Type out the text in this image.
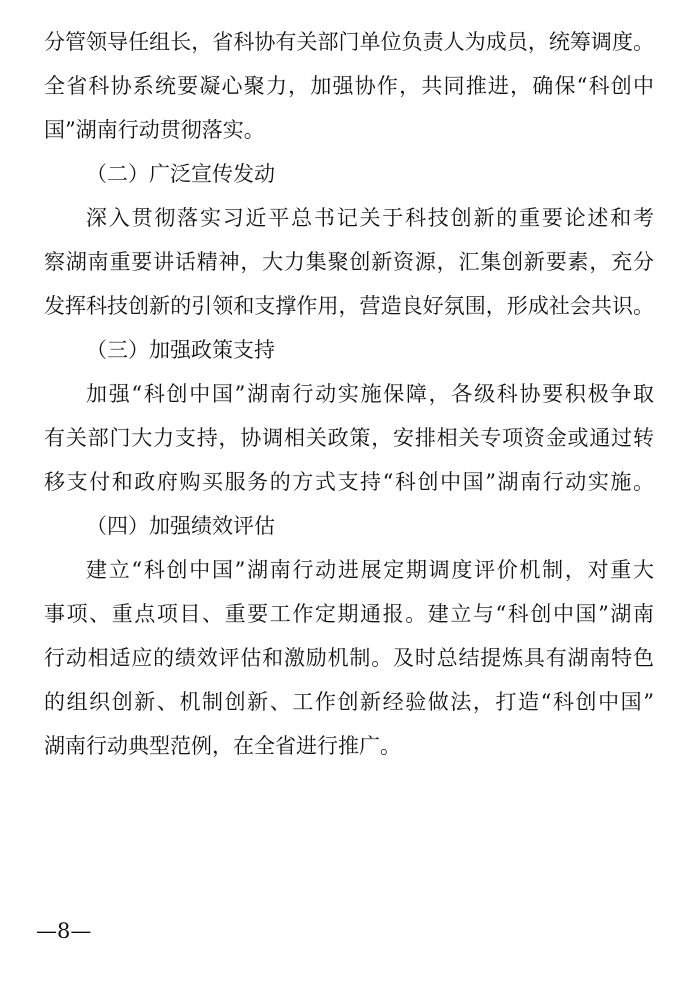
分管领导任组长，省科协有关部门单位负责人为成员，统筹调度。
全省科协系统要凝心聚力，加强协作，共同推进，确保“科创中
国”湖南行动贯彻落实。
（二）广泛宣传发动
深入贯彻落实习近平总书记关于科技创新的重要论述和考
察湖南重要讲话精神，大力集聚创新资源，汇集创新要素，充分
发挥科技创新的引领和支撑作用，营造良好氛围，形成社会共识。
（三）加强政策支持
加强“科创中国”湖南行动实施保障，各级科协要积极争取
有关部门大力支持，协调相关政策，安排相关专项资金或通过转
移支付和政府购买服务的方式支持“科创中国”湖南行动实施。
（四）加强绩效评估
建立“科创中国”湖南行动进展定期调度评价机制，对重大
事项、重点项目、重要工作定期通报。建立与“科创中国”湖南
行动相适应的绩效评估和激励机制。及时总结提炼具有湖南特色
的组织创新、机制创新、工作创新经验做法，打造“科创中国”
湖南行动典型范例，在全省进行推广。
—8—
